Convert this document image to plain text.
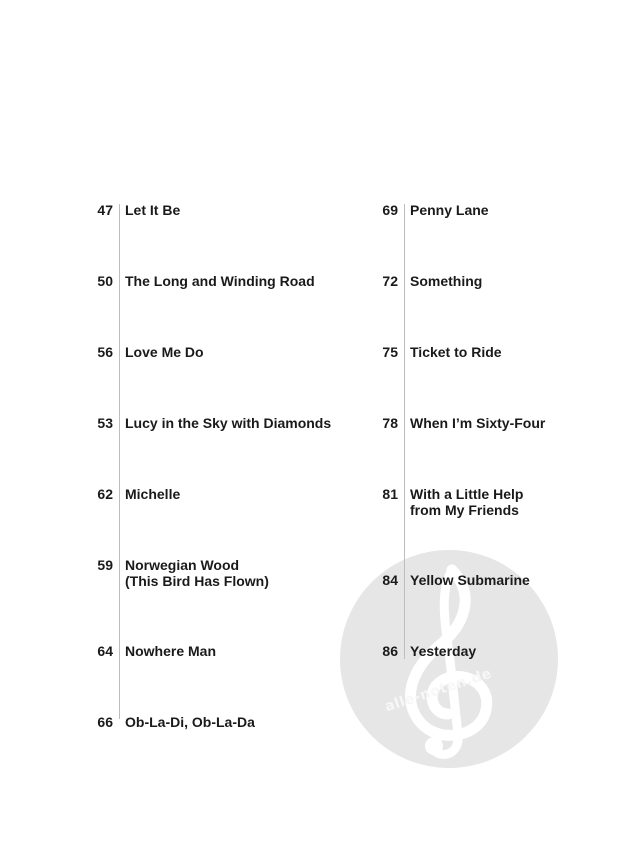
alle-noten.de
47 Let It Be
50 The Long and Winding Road
56 Love Me Do
53 Lucy in the Sky with Diamonds
62 Michelle
59 Norwegian Wood
(This Bird Has Flown)
64 Nowhere Man
66 Ob-La-Di, Ob-La-Da
69 Penny Lane
72 Something
75 Ticket to Ride
78 When I’m Sixty-Four
81 With a Little Help
from My Friends
84 Yellow Submarine
86 Yesterday
